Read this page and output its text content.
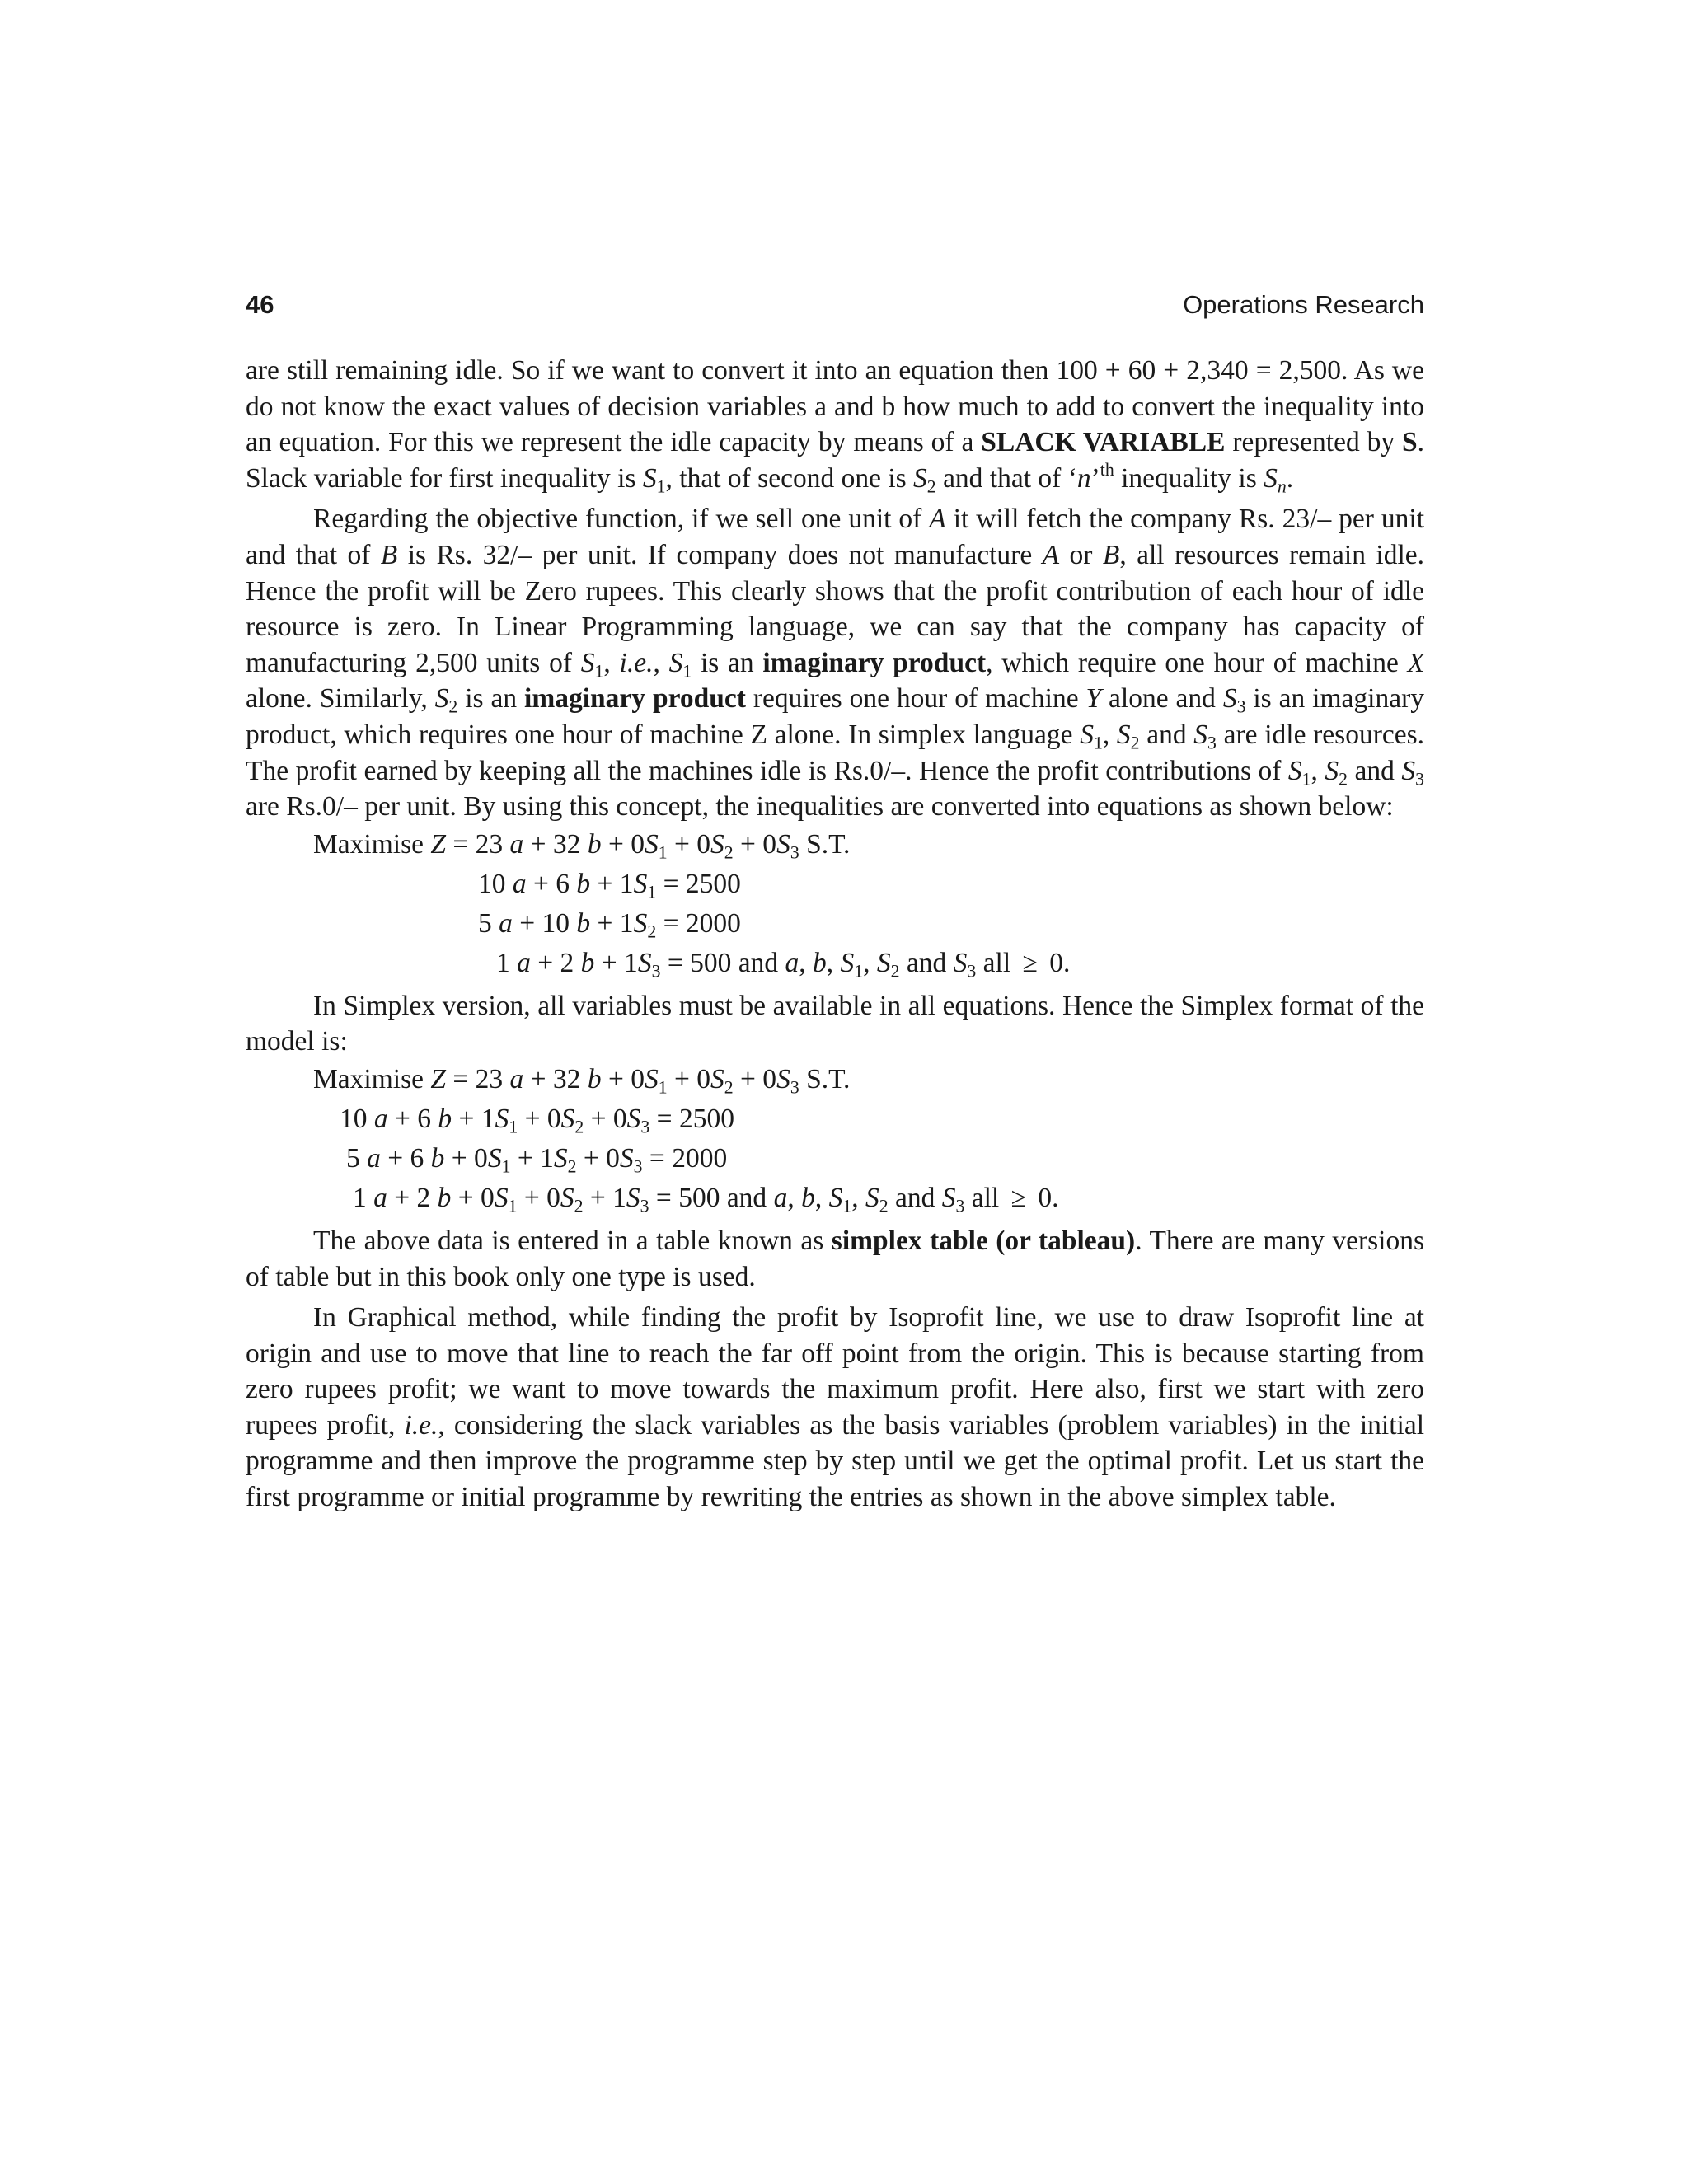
46	Operations Research

are still remaining idle. So if we want to convert it into an equation then 100 + 60 + 2,340 = 2,500. As we do not know the exact values of decision variables a and b how much to add to convert the inequality into an equation. For this we represent the idle capacity by means of a SLACK VARIABLE represented by S. Slack variable for first inequality is $S_1$, that of second one is $S_2$ and that of ‘n’$^{th}$ inequality is $S_n$.

Regarding the objective function, if we sell one unit of A it will fetch the company Rs. 23/– per unit and that of B is Rs. 32/– per unit. If company does not manufacture A or B, all resources remain idle. Hence the profit will be Zero rupees. This clearly shows that the profit contribution of each hour of idle resource is zero. In Linear Programming language, we can say that the company has capacity of manufacturing 2,500 units of $S_1$, i.e., $S_1$ is an imaginary product, which require one hour of machine X alone. Similarly, $S_2$ is an imaginary product requires one hour of machine Y alone and $S_3$ is an imaginary product, which requires one hour of machine Z alone. In simplex language $S_1$, $S_2$ and $S_3$ are idle resources. The profit earned by keeping all the machines idle is Rs.0/–. Hence the profit contributions of $S_1$, $S_2$ and $S_3$ are Rs.0/– per unit. By using this concept, the inequalities are converted into equations as shown below:

Maximise Z = 23 a + 32 $b + 0S_1 + 0S_2 + 0S_3$ S.T.
10 a + 6 $b + 1S_1 = 2500$
5 a + 10 $b + 1S_2 = 2000$
1 a + 2 $b + 1S_3 = 500$ and a, b, $S_1$, $S_2$ and $S_3$ all ≥ 0.

In Simplex version, all variables must be available in all equations. Hence the Simplex format of the model is:

Maximise Z = 23 a + 32 $b + 0S_1 + 0S_2 + 0S_3$ S.T.
10 a + 6 $b + 1S_1 + 0S_2 + 0S_3 = 2500$
5 a + 6 $b + 0S_1 + 1S_2 + 0S_3 = 2000$
1 a + 2 $b + 0S_1 + 0S_2 + 1S_3 = 500$ and a, b, $S_1$, $S_2$ and $S_3$ all ≥ 0.

The above data is entered in a table known as simplex table (or tableau). There are many versions of table but in this book only one type is used.

In Graphical method, while finding the profit by Isoprofit line, we use to draw Isoprofit line at origin and use to move that line to reach the far off point from the origin. This is because starting from zero rupees profit; we want to move towards the maximum profit. Here also, first we start with zero rupees profit, i.e., considering the slack variables as the basis variables (problem variables) in the initial programme and then improve the programme step by step until we get the optimal profit. Let us start the first programme or initial programme by rewriting the entries as shown in the above simplex table.
